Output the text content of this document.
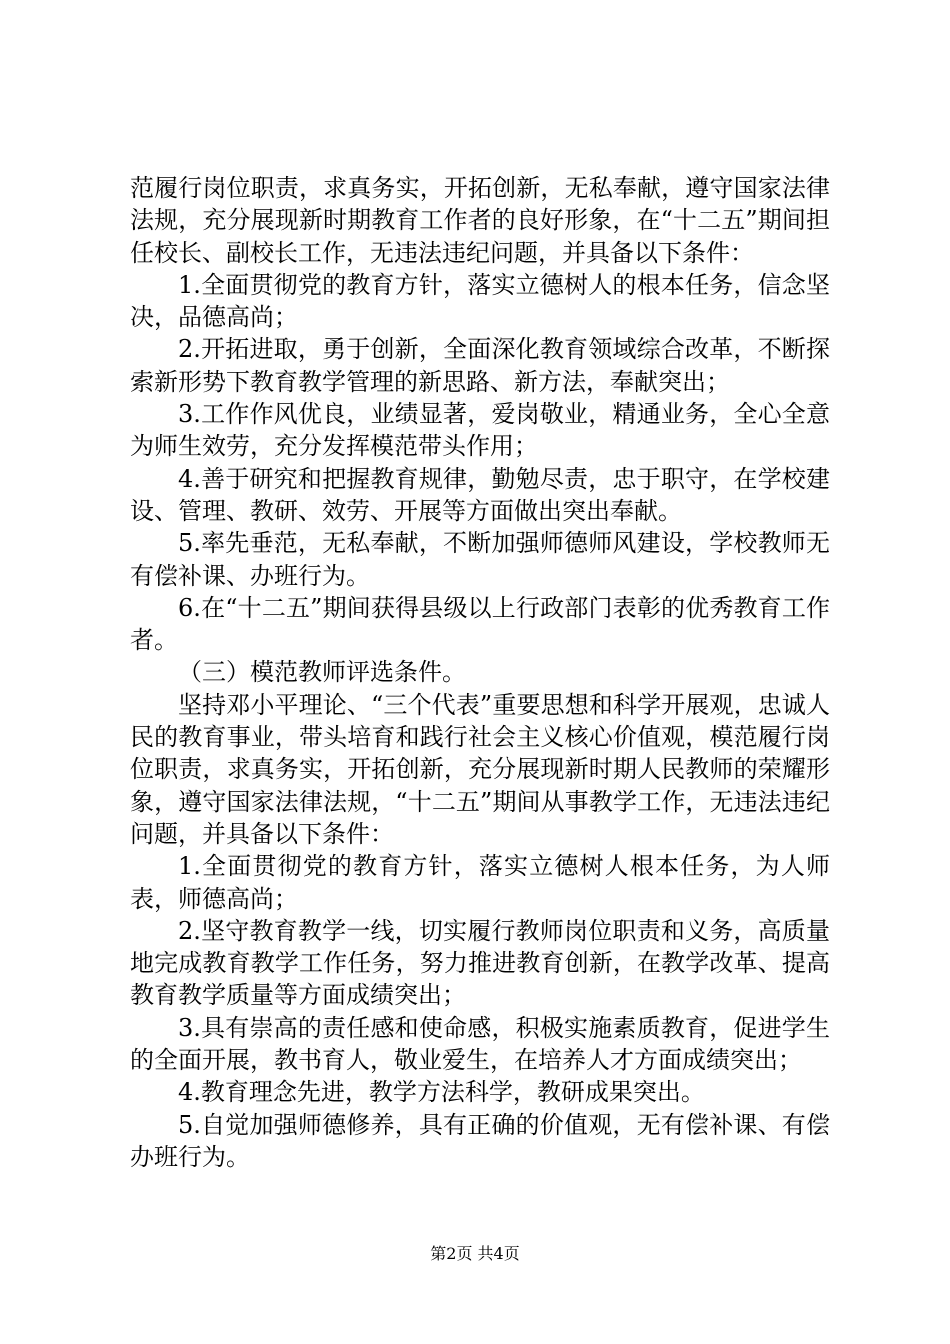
范履行岗位职责，求真务实，开拓创新，无私奉献，遵守国家法律法规，充分展现新时期教育工作者的良好形象，在“十二五”期间担任校长、副校长工作，无违法违纪问题，并具备以下条件：

1.全面贯彻党的教育方针，落实立德树人的根本任务，信念坚决，品德高尚；

2.开拓进取，勇于创新，全面深化教育领域综合改革，不断探索新形势下教育教学管理的新思路、新方法，奉献突出；

3.工作作风优良，业绩显著，爱岗敬业，精通业务，全心全意为师生效劳，充分发挥模范带头作用；

4.善于研究和把握教育规律，勤勉尽责，忠于职守，在学校建设、管理、教研、效劳、开展等方面做出突出奉献。

5.率先垂范，无私奉献，不断加强师德师风建设，学校教师无有偿补课、办班行为。

6.在“十二五”期间获得县级以上行政部门表彰的优秀教育工作者。

（三）模范教师评选条件。

坚持邓小平理论、“三个代表”重要思想和科学开展观，忠诚人民的教育事业，带头培育和践行社会主义核心价值观，模范履行岗位职责，求真务实，开拓创新，充分展现新时期人民教师的荣耀形象，遵守国家法律法规，“十二五”期间从事教学工作，无违法违纪问题，并具备以下条件：

1.全面贯彻党的教育方针，落实立德树人根本任务，为人师表，师德高尚；

2.坚守教育教学一线，切实履行教师岗位职责和义务，高质量地完成教育教学工作任务，努力推进教育创新，在教学改革、提高教育教学质量等方面成绩突出；

3.具有崇高的责任感和使命感，积极实施素质教育，促进学生的全面开展，教书育人，敬业爱生，在培养人才方面成绩突出；

4.教育理念先进，教学方法科学，教研成果突出。

5.自觉加强师德修养，具有正确的价值观，无有偿补课、有偿办班行为。

第2页 共4页
